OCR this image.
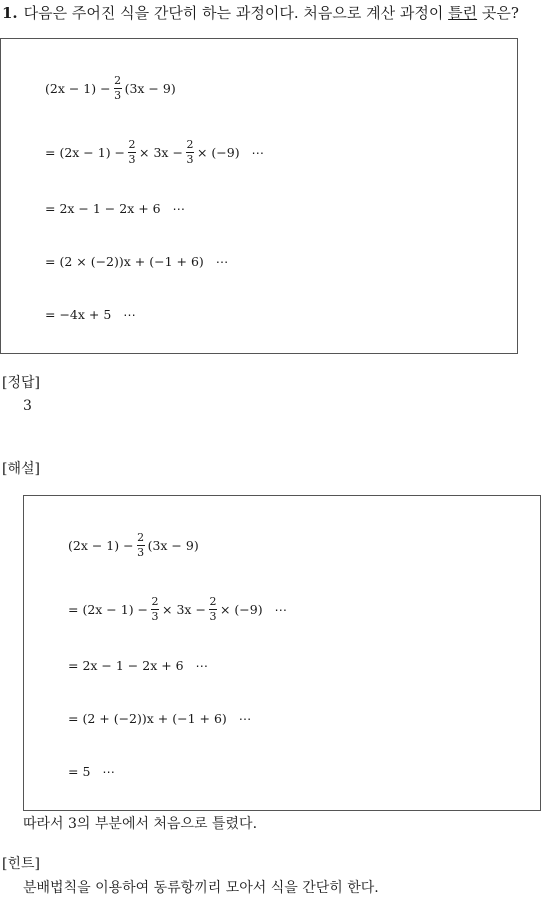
1. 다음은 주어진 식을 간단히 하는 과정이다. 처음으로 계산 과정이 틀린 곳은?
$(2x - 1) - \frac{2}{3} (3x - 9)$
= $(2x - 1) - \frac{2}{3} \times 3x - \frac{2}{3} \times (-9)$   ⋯
= 2x − 1 − 2x + 6   ⋯
= (2 × (−2))x + (−1 + 6)   ⋯
= −4x + 5   ⋯
[정답]
3
[해설]
$(2x - 1) - \frac{2}{3} (3x - 9)$
= $(2x - 1) - \frac{2}{3} \times 3x - \frac{2}{3} \times (-9)$   ⋯
= 2x − 1 − 2x + 6   ⋯
= (2 + (−2))x + (−1 + 6)   ⋯
= 5   ⋯
따라서 3의 부분에서 처음으로 틀렸다.
[힌트]
분배법칙을 이용하여 동류항끼리 모아서 식을 간단히 한다.
